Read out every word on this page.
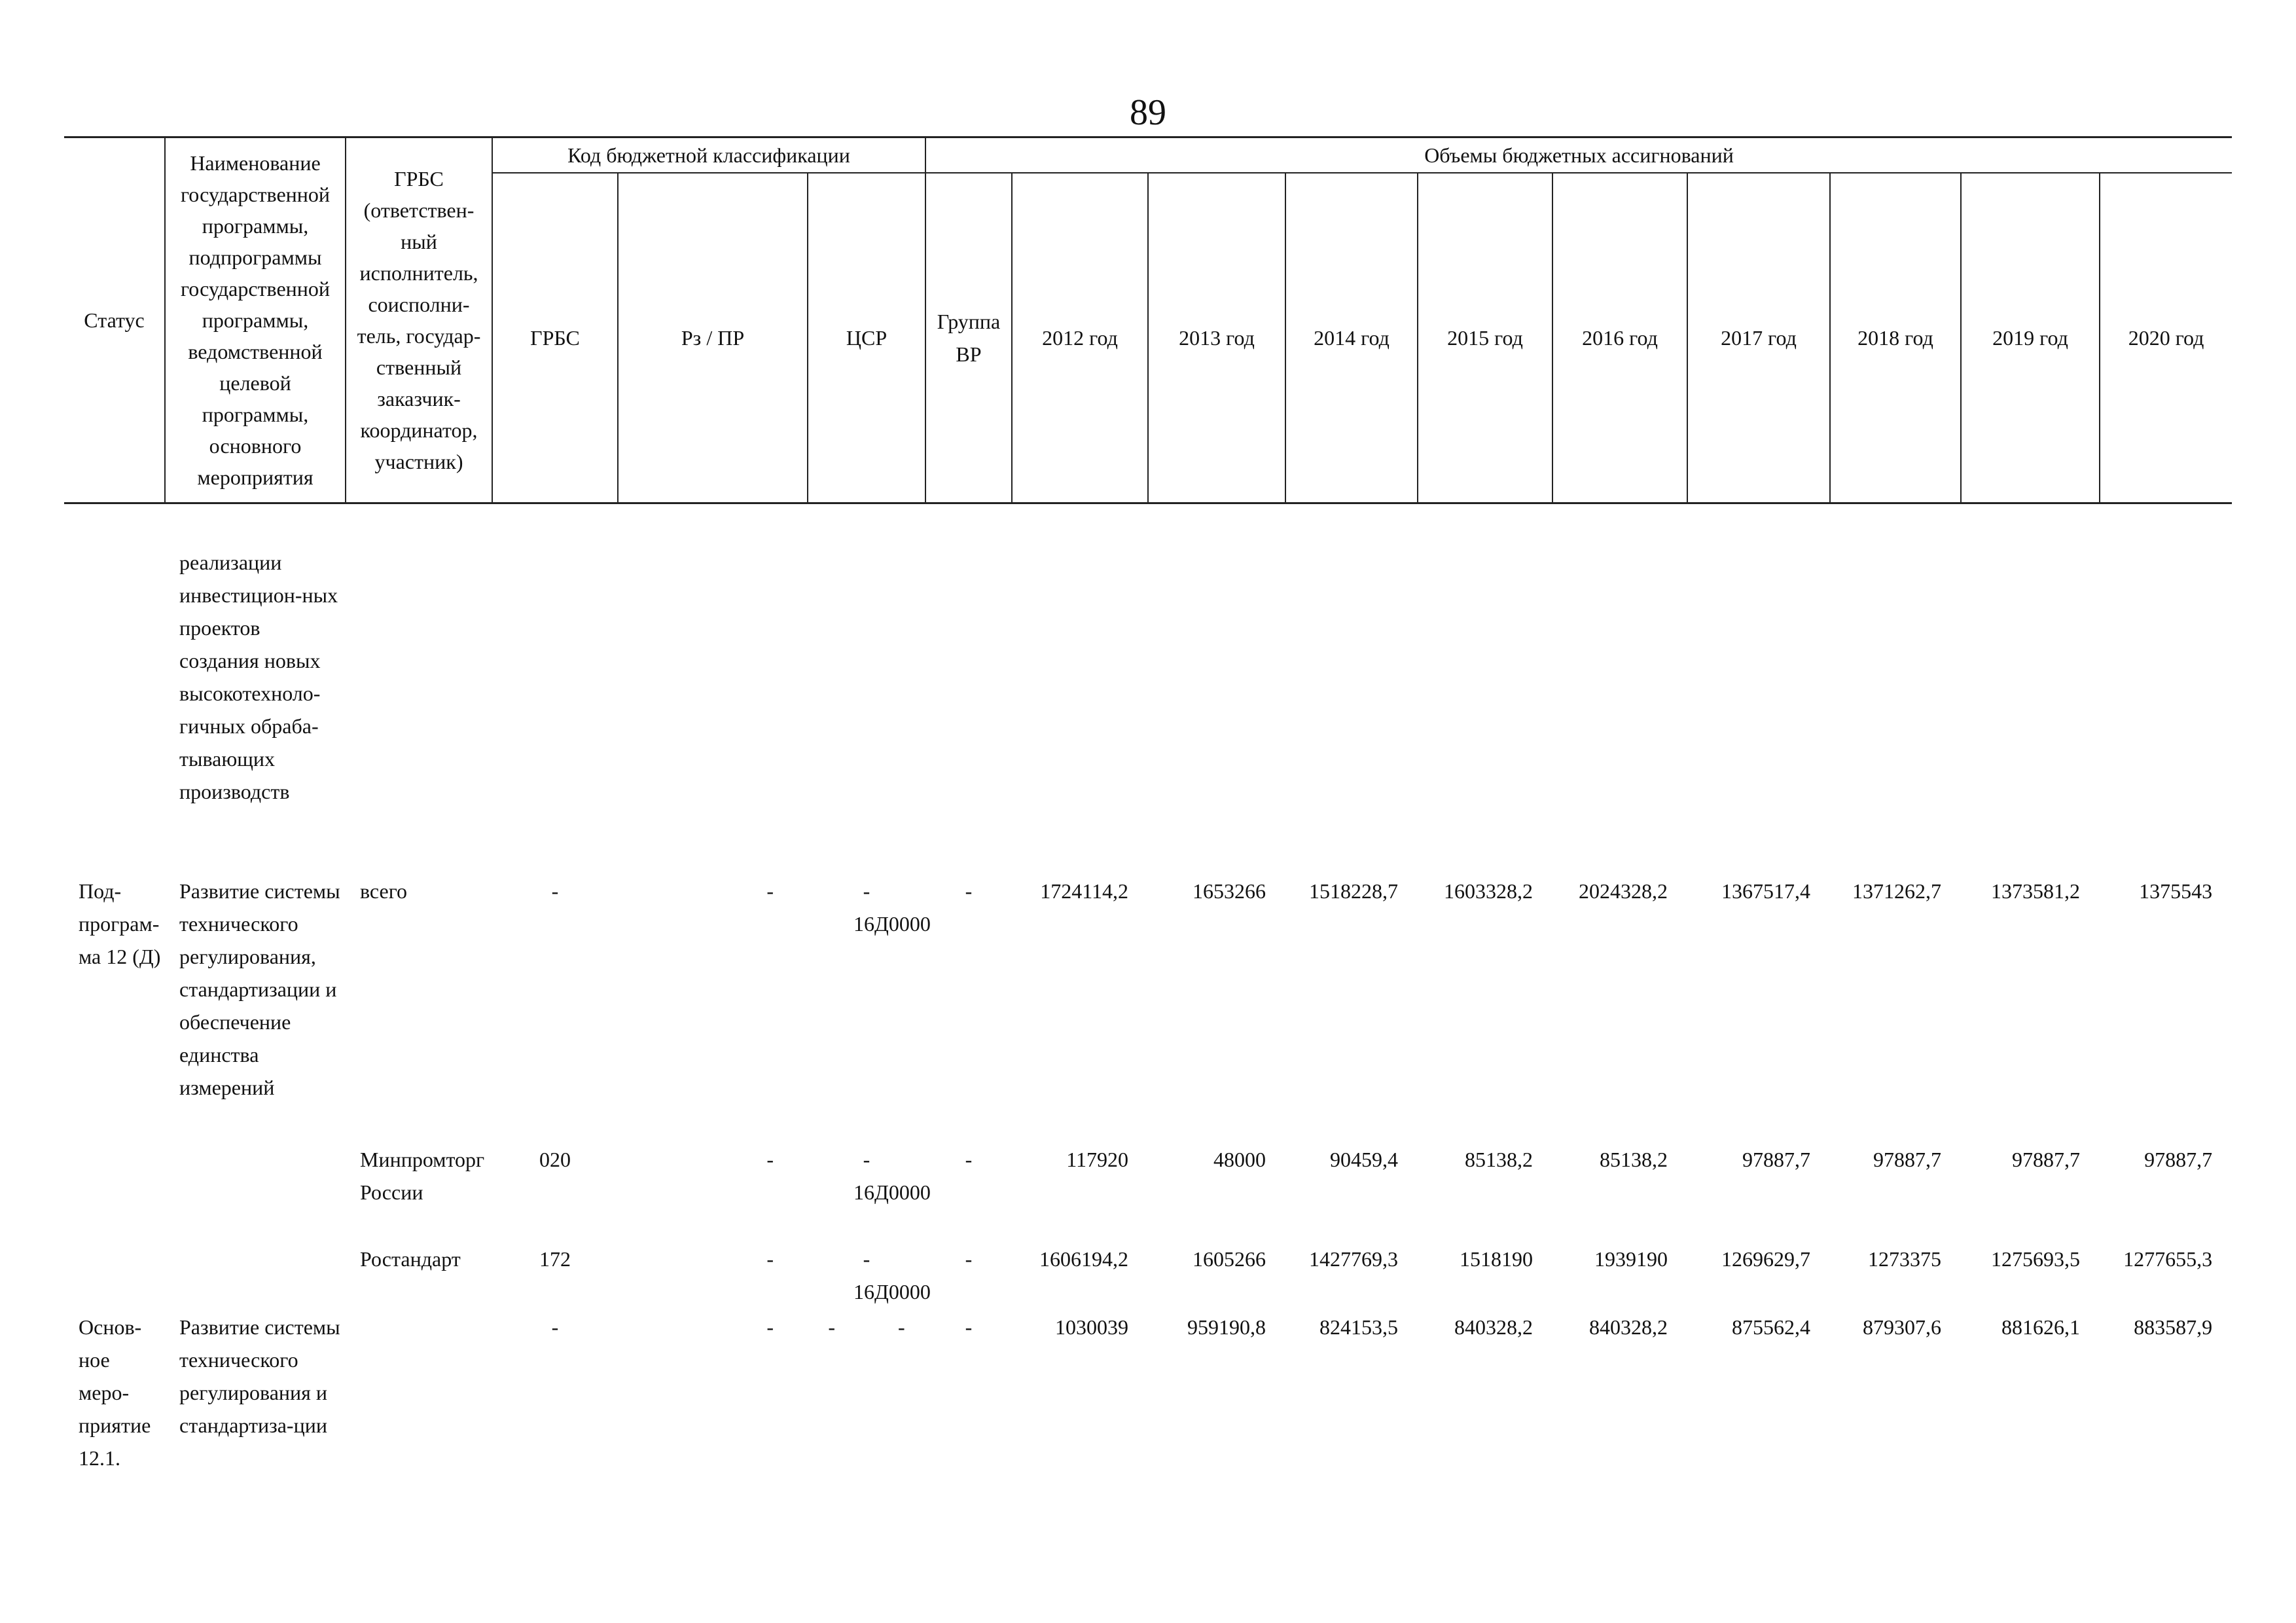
89
Статус	Наименование государственной программы, подпрограммы государственной программы, ведомственной целевой программы, основного мероприятия	ГРБС (ответствен-ный исполнитель, соисполни-тель, государ-ственный заказчик-координатор, участник)	Код бюджетной классификации			Объемы бюджетных ассигнований									
			ГРБС	Рз / ПР	ЦСР	Группа ВР	2012 год	2013 год	2014 год	2015 год	2016 год	2017 год	2018 год	2019 год	2020 год
	реализации инвестицион-ных проектов создания новых высокотехноло-гичных обраба-тывающих производств														
Под-програм-ма 12 (Д)	Развитие системы технического регулирования, стандартизации и обеспечение единства измерений	всего	-	-	-        16Д0000	-	1724114,2	1653266	1518228,7	1603328,2	2024328,2	1367517,4	1371262,7	1373581,2	1375543
		Минпромторг России	020	-	-        16Д0000	-	117920	48000	90459,4	85138,2	85138,2	97887,7	97887,7	97887,7	97887,7
		Ростандарт	172	-	-        16Д0000	-	1606194,2	1605266	1427769,3	1518190	1939190	1269629,7	1273375	1275693,5	1277655,3
Основ-ное меро-приятие 12.1.	Развитие системы технического регулирования и стандартиза-ции		-	-	- -	-	1030039	959190,8	824153,5	840328,2	840328,2	875562,4	879307,6	881626,1	883587,9
